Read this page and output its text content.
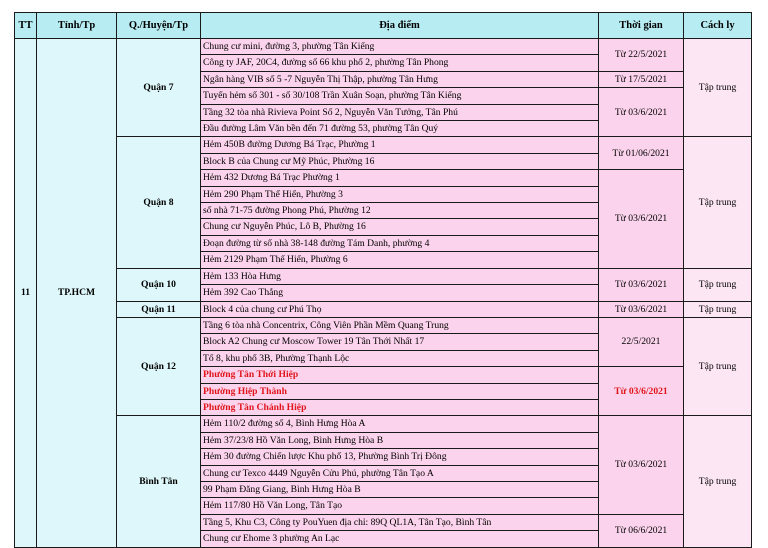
TT	Tỉnh/Tp	Q./Huyện/Tp	Địa điểm	Thời gian	Cách ly
11	TP.HCM	Quận 7	Chung cư mini, đường 3, phường Tân Kiểng	Từ 22/5/2021	Tập trung
			Công ty JAF, 20C4, đường số 66 khu phố 2, phường Tân Phong		
			Ngân hàng VIB số 5 -7 Nguyễn Thị Thập, phường Tân Hưng	Từ 17/5/2021	
			Tuyến hẻm số 301 - số 30/108 Trần Xuân Soạn, phường Tân Kiểng	Từ 03/6/2021	
			Tầng 32 tòa nhà Rivieva Point Sổ 2, Nguyễn Văn Tưởng, Tân Phú		
			Đầu đường Lâm Văn bền đến 71 đường 53, phường Tân Quý		
		Quận 8	Hẻm 450B đường Dương Bá Trạc, Phường 1	Từ 01/06/2021	Tập trung
			Block B của Chung cư Mỹ Phúc, Phường 16		
			Hẻm 432 Dương Bá Trạc Phường 1	Từ 03/6/2021	
			Hẻm 290 Phạm Thế Hiển, Phường 3		
			số nhà 71-75 đường Phong Phú, Phường 12		
			Chung cư Nguyễn Phúc, Lô B, Phường 16		
			Đoạn đường từ số nhà 38-148 đường Tám Danh, phường 4		
			Hẻm 2129 Phạm Thế Hiển, Phường 6		
		Quận 10	Hẻm 133 Hòa Hưng	Từ 03/6/2021	Tập trung
			Hẻm 392 Cao Thắng		
		Quận 11	Block 4 của chung cư Phú Thọ	Từ 03/6/2021	Tập trung
		Quận 12	Tầng 6 tòa nhà Concentrix, Công Viên Phần Mềm Quang Trung	22/5/2021	Tập trung
			Block A2 Chung cư Moscow Tower 19 Tân Thới Nhất 17		
			Tổ 8, khu phố 3B, Phường Thạnh Lộc		
			Phường Tân Thới Hiệp	Từ 03/6/2021	
			Phường Hiệp Thành		
			Phường Tân Chánh Hiệp		
		Bình Tân	Hẻm 110/2 đường số 4, Bình Hưng Hòa A	Từ 03/6/2021	Tập trung
			Hẻm 37/23/8 Hồ Văn Long, Bình Hưng Hòa B		
			Hẻm 30 đường Chiến lược Khu phố 13, Phường Bình Trị Đông		
			Chung cư Texco 4449 Nguyễn Cửu Phú, phường Tân Tạo A		
			99 Phạm Đăng Giang, Bình Hưng Hòa B		
			Hẻm 117/80 Hồ Văn Long, Tân Tạo		
			Tầng 5, Khu C3, Công ty PouYuen địa chỉ: 89Q QL1A, Tân Tạo, Bình Tân	Từ 06/6/2021	
			Chung cư Ehome 3 phường An Lạc		
